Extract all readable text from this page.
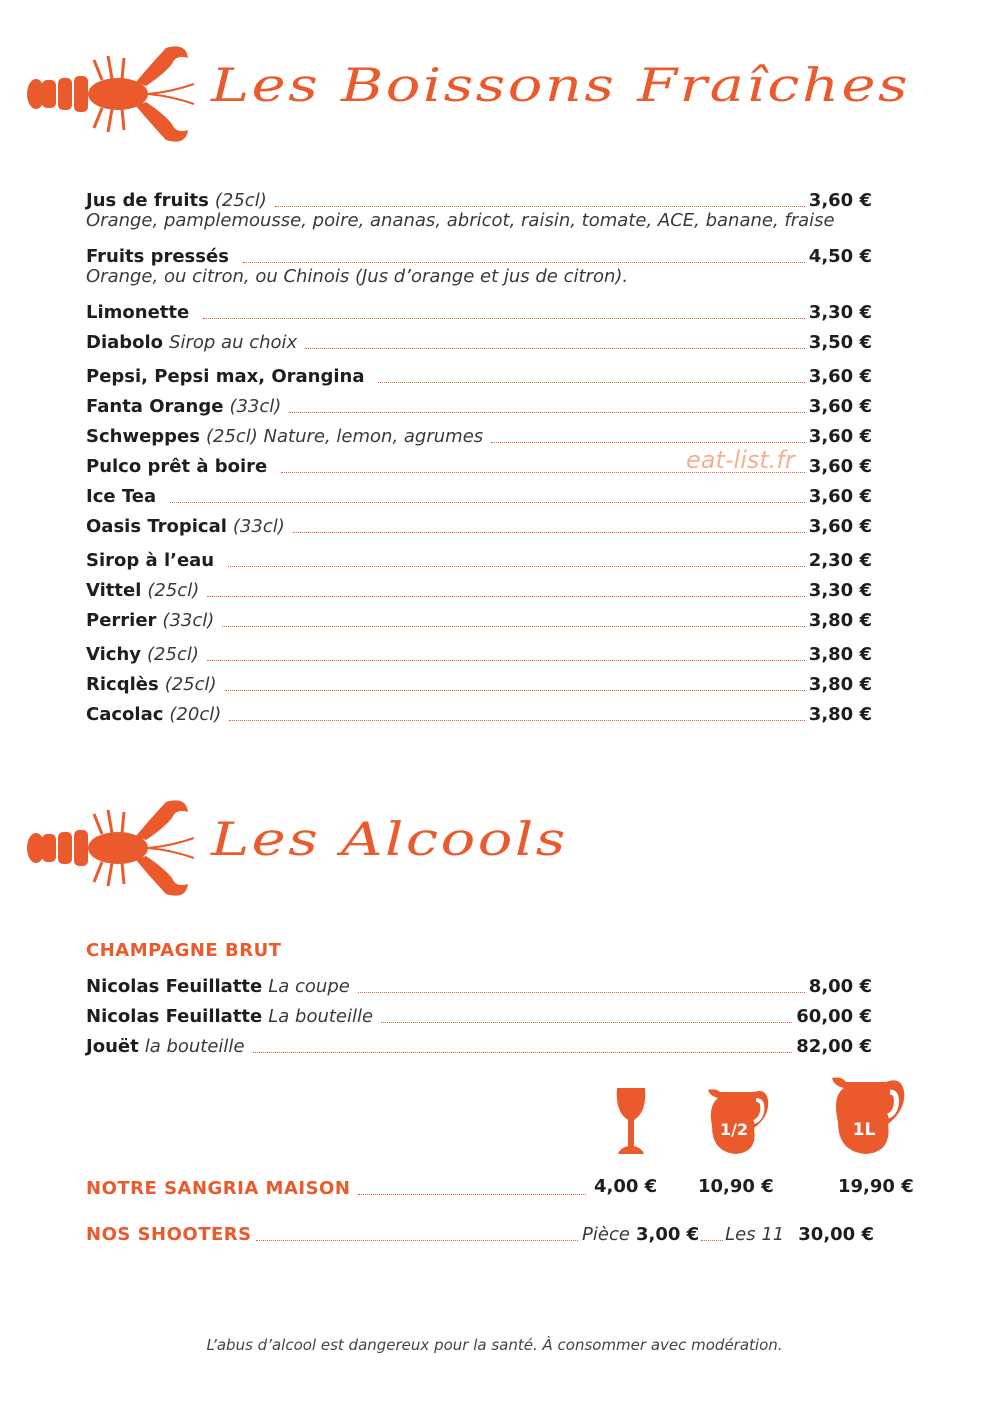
Les Boissons Fraîches
Jus de fruits (25cl)	3,60 €
Orange, pamplemousse, poire, ananas, abricot, raisin, tomate, ACE, banane, fraise
Fruits pressés	4,50 €
Orange, ou citron, ou Chinois (Jus d’orange et jus de citron).
Limonette	3,30 €
Diabolo Sirop au choix	3,50 €
Pepsi, Pepsi max, Orangina	3,60 €
Fanta Orange (33cl)	3,60 €
Schweppes (25cl) Nature, lemon, agrumes	3,60 €
Pulco prêt à boire	3,60 €
Ice Tea	3,60 €
Oasis Tropical (33cl)	3,60 €
Sirop à l’eau	2,30 €
Vittel (25cl)	3,30 €
Perrier (33cl)	3,80 €
Vichy (25cl)	3,80 €
Ricqlès (25cl)	3,80 €
Cacolac (20cl)	3,80 €
eat-list.fr
Les Alcools
CHAMPAGNE BRUT
Nicolas Feuillatte La coupe	8,00 €
Nicolas Feuillatte La bouteille	60,00 €
Jouët la bouteille	82,00 €
1/2	1L
NOTRE SANGRIA MAISON	4,00 € 10,90 €	19,90 €
NOS SHOOTERS	Pièce 3,00 € Les 11 30,00 €
L’abus d’alcool est dangereux pour la santé. À consommer avec modération.
